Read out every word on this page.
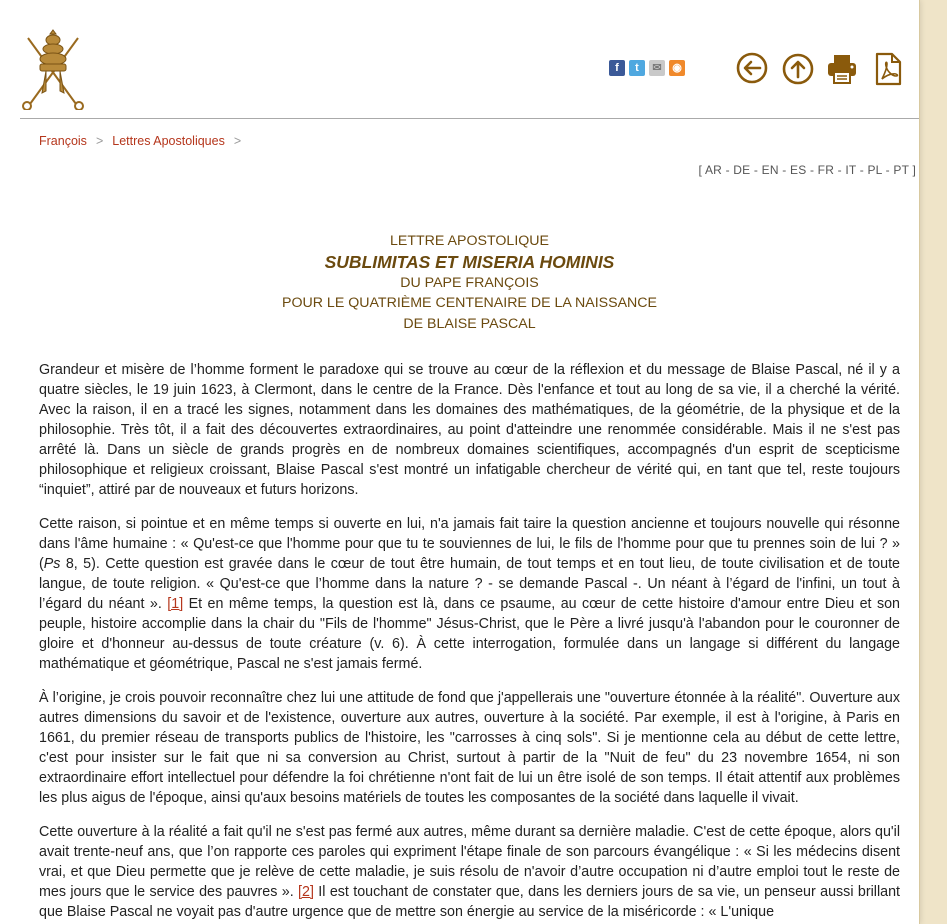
f	t	✉ ◉
François > Lettres Apostoliques >
[ AR - DE - EN - ES - FR - IT - PL - PT ]
LETTRE APOSTOLIQUE
SUBLIMITAS ET MISERIA HOMINIS
DU PAPE FRANÇOIS
POUR LE QUATRIÈME CENTENAIRE DE LA NAISSANCE
DE BLAISE PASCAL

Grandeur et misère de l’homme forment le paradoxe qui se trouve au cœur de la réflexion et du message de Blaise Pascal, né il y a quatre siècles, le 19 juin 1623, à Clermont, dans le centre de la France. Dès l'enfance et tout au long de sa vie, il a cherché la vérité. Avec la raison, il en a tracé les signes, notamment dans les domaines des mathématiques, de la géométrie, de la physique et de la philosophie. Très tôt, il a fait des découvertes extraordinaires, au point d'atteindre une renommée considérable. Mais il ne s'est pas arrêté là. Dans un siècle de grands progrès en de nombreux domaines scientifiques, accompagnés d'un esprit de scepticisme philosophique et religieux croissant, Blaise Pascal s'est montré un infatigable chercheur de vérité qui, en tant que tel, reste toujours “inquiet”, attiré par de nouveaux et futurs horizons.

Cette raison, si pointue et en même temps si ouverte en lui, n'a jamais fait taire la question ancienne et toujours nouvelle qui résonne dans l'âme humaine : « Qu'est-ce que l'homme pour que tu te souviennes de lui, le fils de l'homme pour que tu prennes soin de lui ? » (Ps 8, 5). Cette question est gravée dans le cœur de tout être humain, de tout temps et en tout lieu, de toute civilisation et de toute langue, de toute religion. « Qu'est-ce que l’homme dans la nature ? - se demande Pascal -. Un néant à l’égard de l'infini, un tout à l’égard du néant ». [1] Et en même temps, la question est là, dans ce psaume, au cœur de cette histoire d'amour entre Dieu et son peuple, histoire accomplie dans la chair du "Fils de l'homme" Jésus-Christ, que le Père a livré jusqu'à l'abandon pour le couronner de gloire et d'honneur au-dessus de toute créature (v. 6). À cette interrogation, formulée dans un langage si différent du langage mathématique et géométrique, Pascal ne s'est jamais fermé.

À l’origine, je crois pouvoir reconnaître chez lui une attitude de fond que j'appellerais une "ouverture étonnée à la réalité". Ouverture aux autres dimensions du savoir et de l'existence, ouverture aux autres, ouverture à la société. Par exemple, il est à l'origine, à Paris en 1661, du premier réseau de transports publics de l'histoire, les "carrosses à cinq sols". Si je mentionne cela au début de cette lettre, c'est pour insister sur le fait que ni sa conversion au Christ, surtout à partir de la "Nuit de feu" du 23 novembre 1654, ni son extraordinaire effort intellectuel pour défendre la foi chrétienne n'ont fait de lui un être isolé de son temps. Il était attentif aux problèmes les plus aigus de l'époque, ainsi qu'aux besoins matériels de toutes les composantes de la société dans laquelle il vivait.

Cette ouverture à la réalité a fait qu'il ne s'est pas fermé aux autres, même durant sa dernière maladie. C'est de cette époque, alors qu'il avait trente-neuf ans, que l’on rapporte ces paroles qui expriment l'étape finale de son parcours évangélique : « Si les médecins disent vrai, et que Dieu permette que je relève de cette maladie, je suis résolu de n'avoir d’autre occupation ni d’autre emploi tout le reste de mes jours que le service des pauvres ». [2] Il est touchant de constater que, dans les derniers jours de sa vie, un penseur aussi brillant que Blaise Pascal ne voyait pas d'autre urgence que de mettre son énergie au service de la miséricorde : « L'unique
